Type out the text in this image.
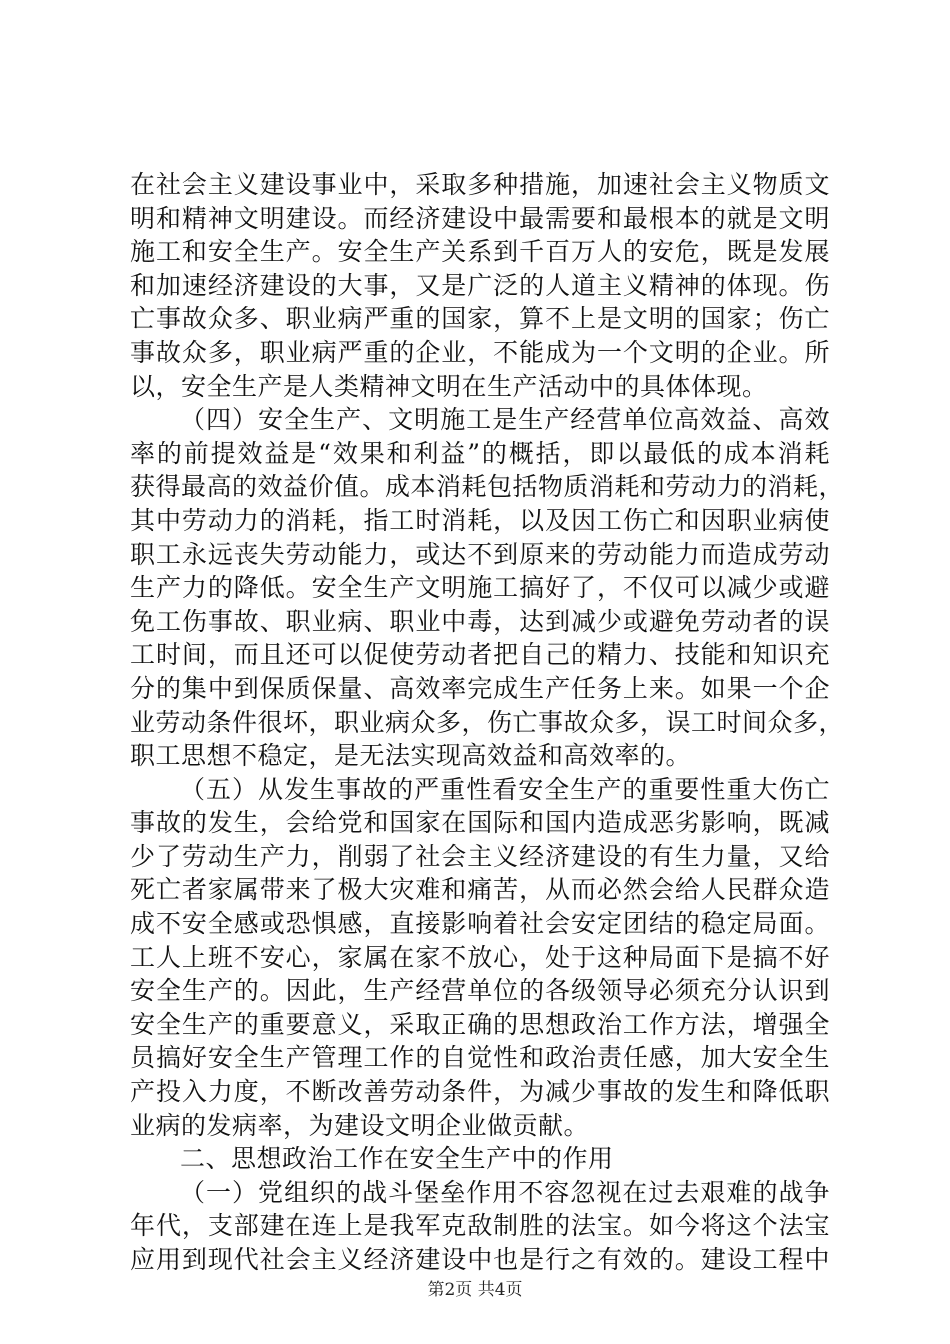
在社会主义建设事业中，采取多种措施，加速社会主义物质文
明和精神文明建设。而经济建设中最需要和最根本的就是文明
施工和安全生产。安全生产关系到千百万人的安危，既是发展
和加速经济建设的大事，又是广泛的人道主义精神的体现。伤
亡事故众多、职业病严重的国家，算不上是文明的国家；伤亡
事故众多，职业病严重的企业，不能成为一个文明的企业。所
以，安全生产是人类精神文明在生产活动中的具体体现。
（四）安全生产、文明施工是生产经营单位高效益、高效
率的前提效益是“效果和利益”的概括，即以最低的成本消耗
获得最高的效益价值。成本消耗包括物质消耗和劳动力的消耗，
其中劳动力的消耗，指工时消耗，以及因工伤亡和因职业病使
职工永远丧失劳动能力，或达不到原来的劳动能力而造成劳动
生产力的降低。安全生产文明施工搞好了，不仅可以减少或避
免工伤事故、职业病、职业中毒，达到减少或避免劳动者的误
工时间，而且还可以促使劳动者把自己的精力、技能和知识充
分的集中到保质保量、高效率完成生产任务上来。如果一个企
业劳动条件很坏，职业病众多，伤亡事故众多，误工时间众多，
职工思想不稳定，是无法实现高效益和高效率的。
（五）从发生事故的严重性看安全生产的重要性重大伤亡
事故的发生，会给党和国家在国际和国内造成恶劣影响，既减
少了劳动生产力，削弱了社会主义经济建设的有生力量，又给
死亡者家属带来了极大灾难和痛苦，从而必然会给人民群众造
成不安全感或恐惧感，直接影响着社会安定团结的稳定局面。
工人上班不安心，家属在家不放心，处于这种局面下是搞不好
安全生产的。因此，生产经营单位的各级领导必须充分认识到
安全生产的重要意义，采取正确的思想政治工作方法，增强全
员搞好安全生产管理工作的自觉性和政治责任感，加大安全生
产投入力度，不断改善劳动条件，为减少事故的发生和降低职
业病的发病率，为建设文明企业做贡献。
二、思想政治工作在安全生产中的作用
（一）党组织的战斗堡垒作用不容忽视在过去艰难的战争
年代，支部建在连上是我军克敌制胜的法宝。如今将这个法宝
应用到现代社会主义经济建设中也是行之有效的。建设工程中
第2页 共4页
